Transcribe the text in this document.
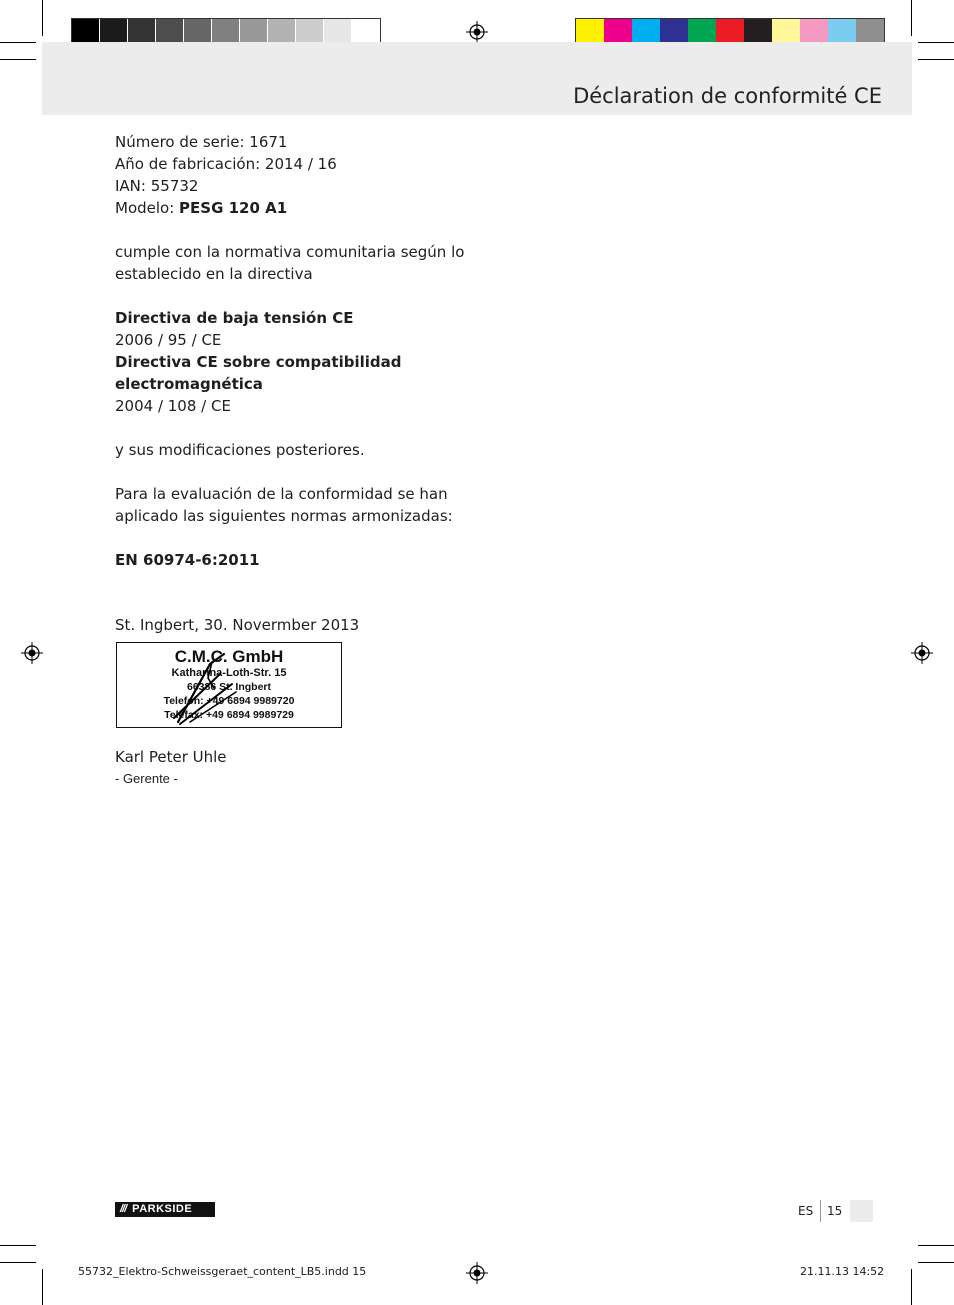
Déclaration de conformité CE
Número de serie: 1671
Año de fabricación: 2014 / 16
IAN: 55732
Modelo: PESG 120 A1
cumple con la normativa comunitaria según lo
establecido en la directiva
Directiva de baja tensión CE
2006 / 95 / CE
Directiva CE sobre compatibilidad
electromagnética
2004 / 108 / CE
y sus modificaciones posteriores.
Para la evaluación de la conformidad se han
aplicado las siguientes normas armonizadas:
EN 60974-6:2011
St. Ingbert, 30. Novermber 2013
C.M.C. GmbH
Katharina-Loth-Str. 15
66386 St. Ingbert
Telefon: +49 6894 9989720
Telefax: +49 6894 9989729
Karl Peter Uhle
- Gerente -
/// PARKSIDE	ES 15
55732_Elektro-Schweissgeraet_content_LB5.indd 15	21.11.13 14:52
